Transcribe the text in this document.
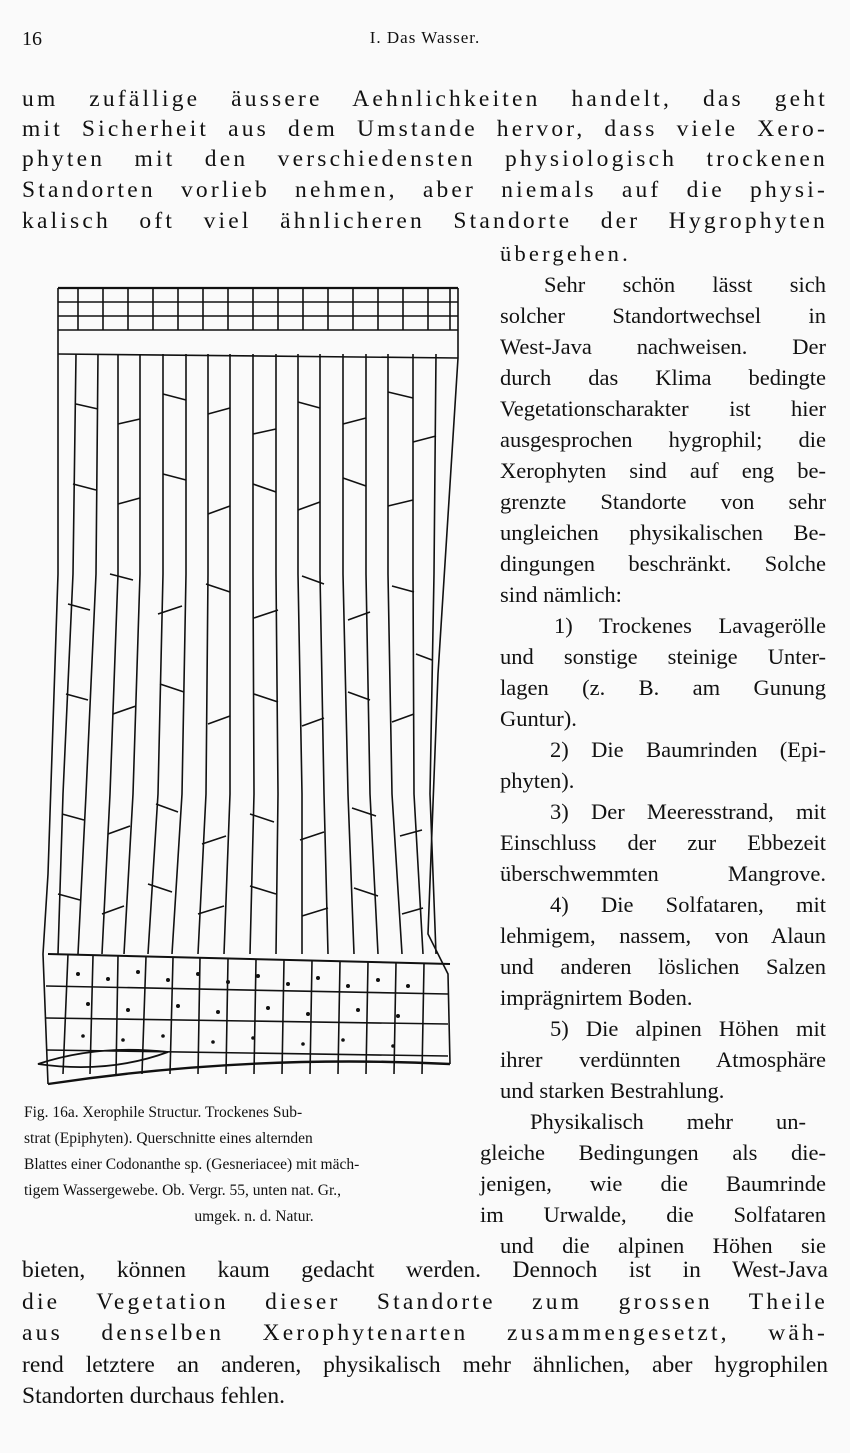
16	I. Das Wasser.
um zufällige äussere Aehnlichkeiten handelt, das geht
mit Sicherheit aus dem Umstande hervor, dass viele Xero-
phyten mit den verschiedensten physiologisch trockenen
Standorten vorlieb nehmen, aber niemals auf die physi-
kalisch oft viel ähnlicheren Standorte der Hygrophyten
übergehen.
Sehr schön lässt sich
solcher Standortwechsel in
West-Java nachweisen. Der
durch das Klima bedingte
Vegetationscharakter ist hier
ausgesprochen hygrophil; die
Xerophyten sind auf eng be-
grenzte Standorte von sehr
ungleichen physikalischen Be-
dingungen beschränkt. Solche
sind nämlich:
1) Trockenes Lavagerölle
und sonstige steinige Unter-
lagen (z. B. am Gunung
Guntur).
2) Die Baumrinden (Epi-
phyten).
3) Der Meeresstrand, mit
Einschluss der zur Ebbezeit
überschwemmten Mangrove.
4) Die Solfataren, mit
lehmigem, nassem, von Alaun
und anderen löslichen Salzen
imprägnirtem Boden.
5) Die alpinen Höhen mit
ihrer verdünnten Atmosphäre
und starken Bestrahlung.
Physikalisch mehr un-
gleiche Bedingungen als die-
jenigen, wie die Baumrinde
im Urwalde, die Solfataren
und die alpinen Höhen sie
Fig. 16a. Xerophile Structur. Trockenes Sub-
strat (Epiphyten). Querschnitte eines alternden
Blattes einer Codonanthe sp. (Gesneriacee) mit mäch-
tigem Wassergewebe. Ob. Vergr. 55, unten nat. Gr.,
umgek. n. d. Natur.
bieten, können kaum gedacht werden. Dennoch ist in West-Java
die Vegetation dieser Standorte zum grossen Theile
aus denselben Xerophytenarten zusammengesetzt, wäh-
rend letztere an anderen, physikalisch mehr ähnlichen, aber hygrophilen
Standorten durchaus fehlen.
